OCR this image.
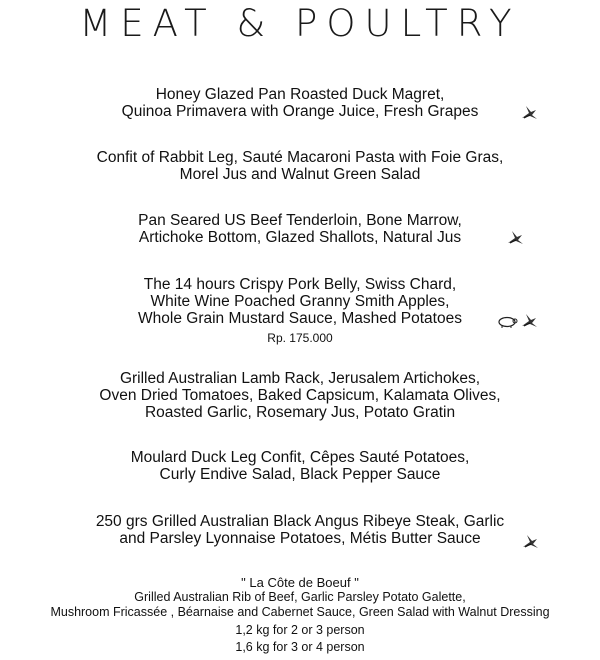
MEAT & POULTRY
Honey Glazed Pan Roasted Duck Magret,
Quinoa Primavera with Orange Juice, Fresh Grapes
Confit of Rabbit Leg, Sauté Macaroni Pasta with Foie Gras,
Morel Jus and Walnut Green Salad
Pan Seared US Beef Tenderloin, Bone Marrow,
Artichoke Bottom, Glazed Shallots, Natural Jus
The 14 hours Crispy Pork Belly, Swiss Chard,
White Wine Poached Granny Smith Apples,
Whole Grain Mustard Sauce, Mashed Potatoes
Rp. 175.000
Grilled Australian Lamb Rack, Jerusalem Artichokes,
Oven Dried Tomatoes, Baked Capsicum, Kalamata Olives,
Roasted Garlic, Rosemary Jus, Potato Gratin
Moulard Duck Leg Confit, Cêpes Sauté Potatoes,
Curly Endive Salad, Black Pepper Sauce
250 grs Grilled Australian Black Angus Ribeye Steak, Garlic
and Parsley Lyonnaise Potatoes, Métis Butter Sauce
" La Côte de Boeuf "
Grilled Australian Rib of Beef, Garlic Parsley Potato Galette,
Mushroom Fricassée , Béarnaise and Cabernet Sauce, Green Salad with Walnut Dressing
1,2 kg for 2 or 3 person
1,6 kg for 3 or 4 person
